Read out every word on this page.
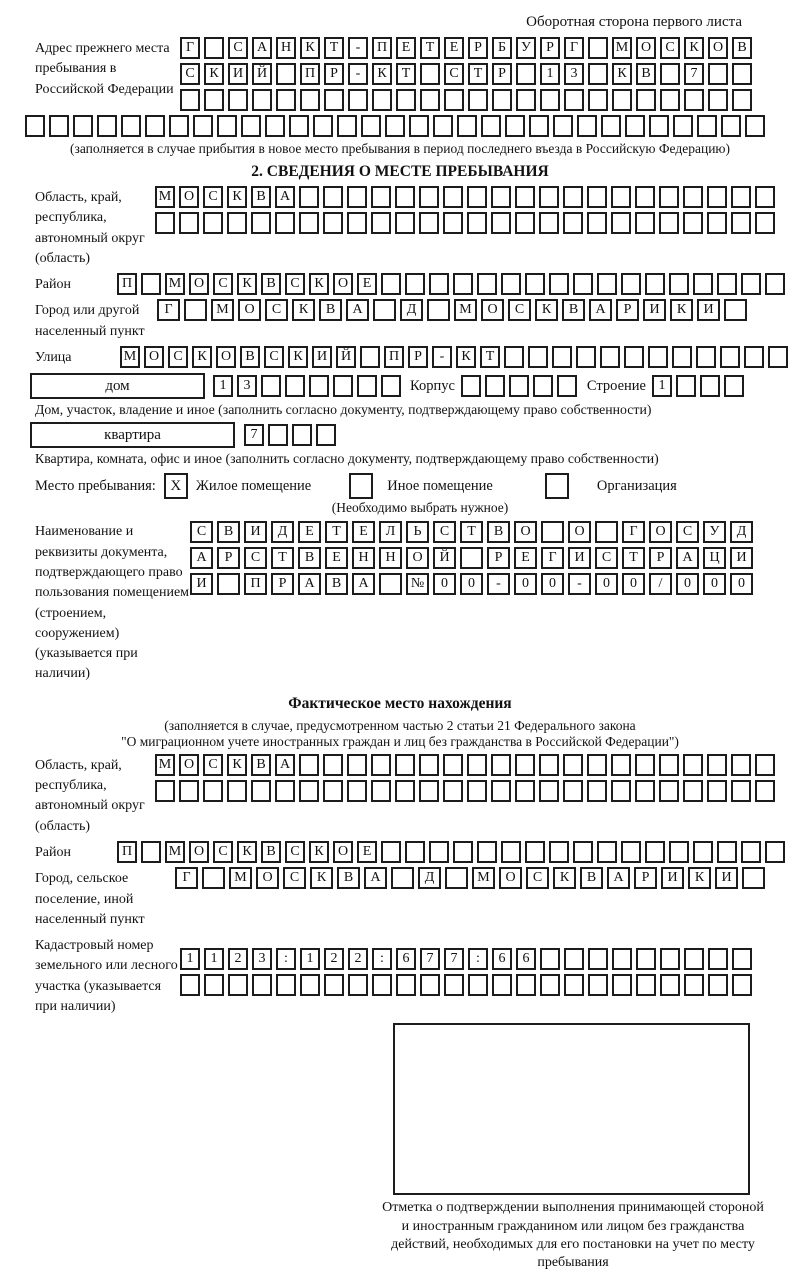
Оборотная сторона первого листа
Адрес прежнего места пребывания в Российской Федерации
Г	С	А Н	К	Т	-	П	Е	Т	Е	Р	Б	У	Р	Г	М О	С	К	О	В
С	К	И Й	П	Р	-	К	Т	С	Т	Р	1	3	К	В	7
(заполняется в случае прибытия в новое место пребывания в период последнего въезда в Российскую Федерацию)
2. СВЕДЕНИЯ О МЕСТЕ ПРЕБЫВАНИЯ
Область, край, республика, автономный округ (область)
М О	С	К	В	А
Район	П	М О	С	К	В	С	К	О	Е
Город или другой населенный пункт
Г	М	О	С	К	В	А	Д	М	О	С	К	В	А	Р	И	К	И
Улица	М О	С	К	О	В	С	К	И Й	П	Р	-	К	Т
дом	1	3	Корпус	Строение 1
Дом, участок, владение и иное (заполнить согласно документу, подтверждающему право собственности)
квартира	7
Квартира, комната, офис и иное (заполнить согласно документу, подтверждающему право собственности)
Место пребывания: X	Жилое помещение	Иное помещение	Организация
(Необходимо выбрать нужное)
Наименование и реквизиты документа, подтверждающего право пользования помещением (строением, сооружением) (указывается при наличии)
С	В	И	Д	Е	Т	Е	Л	Ь	С	Т	В	О	О	Г	О	С	У	Д
А	Р	С	Т	В	Е	Н	Н	О	Й	Р	Е	Г	И	С	Т	Р	А	Ц	И
И	П	Р	А	В	А	№	0	0	-	0	0	-	0	0	/	0	0	0
Фактическое место нахождения
(заполняется в случае, предусмотренном частью 2 статьи 21 Федерального закона
"О миграционном учете иностранных граждан и лиц без гражданства в Российской Федерации")
Область, край, республика, автономный округ (область)
М О	С	К	В	А
Район	П	М О	С	К	В	С	К	О	Е
Город, сельское поселение, иной населенный пункт
Г	М	О	С	К	В	А	Д	М	О	С	К	В	А	Р	И	К	И
Кадастровый номер земельного или лесного участка (указывается при наличии)
1	1	2	3	:	1	2	2	:	6	7	7	:	6	6
Отметка о подтверждении выполнения принимающей стороной и иностранным гражданином или лицом без гражданства действий, необходимых для его постановки на учет по месту пребывания
